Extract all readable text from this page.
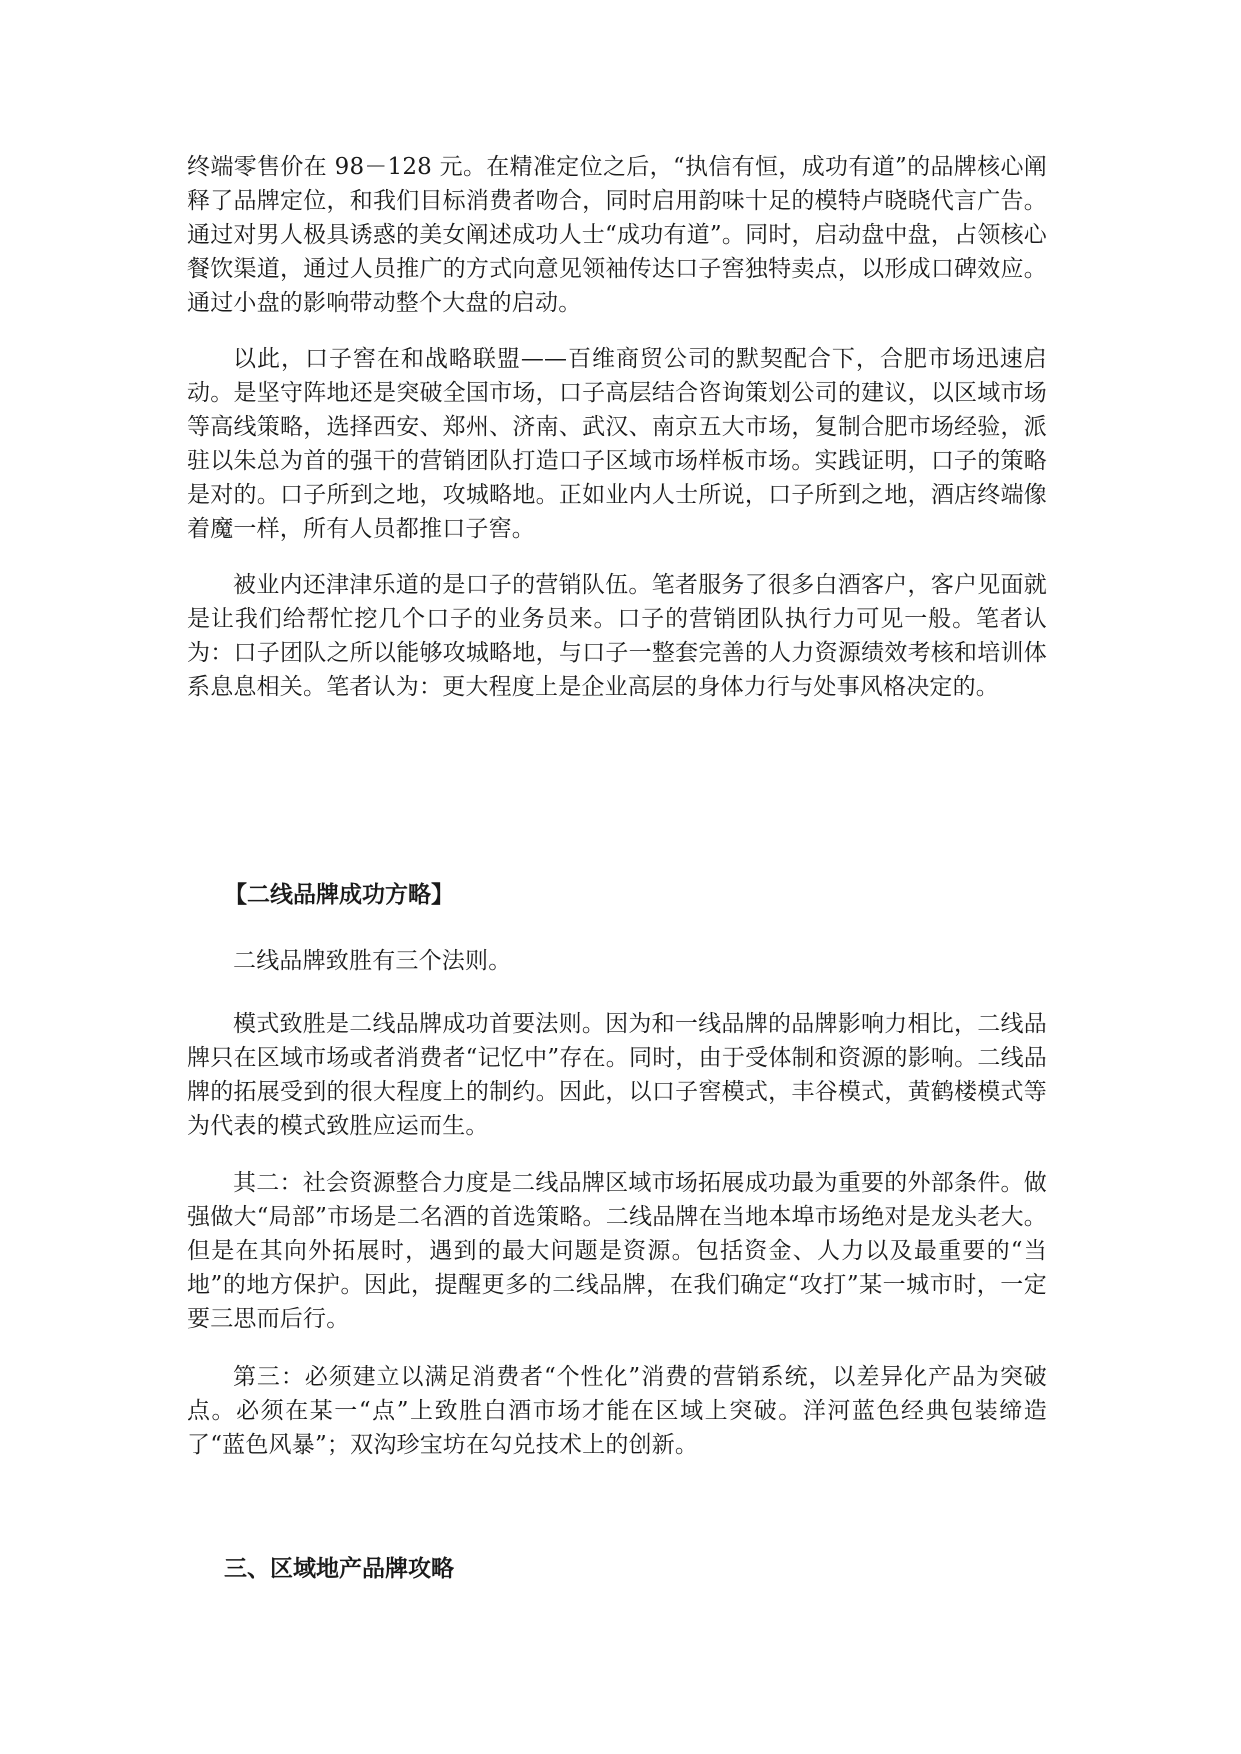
终端零售价在 98－128 元。在精准定位之后，“执信有恒，成功有道”的品牌核心阐释了品牌定位，和我们目标消费者吻合，同时启用韵味十足的模特卢晓晓代言广告。通过对男人极具诱惑的美女阐述成功人士“成功有道”。同时，启动盘中盘，占领核心餐饮渠道，通过人员推广的方式向意见领袖传达口子窖独特卖点，以形成口碑效应。通过小盘的影响带动整个大盘的启动。

以此，口子窖在和战略联盟——百维商贸公司的默契配合下，合肥市场迅速启动。是坚守阵地还是突破全国市场，口子高层结合咨询策划公司的建议，以区域市场等高线策略，选择西安、郑州、济南、武汉、南京五大市场，复制合肥市场经验，派驻以朱总为首的强干的营销团队打造口子区域市场样板市场。实践证明，口子的策略是对的。口子所到之地，攻城略地。正如业内人士所说，口子所到之地，酒店终端像着魔一样，所有人员都推口子窖。

被业内还津津乐道的是口子的营销队伍。笔者服务了很多白酒客户，客户见面就是让我们给帮忙挖几个口子的业务员来。口子的营销团队执行力可见一般。笔者认为：口子团队之所以能够攻城略地，与口子一整套完善的人力资源绩效考核和培训体系息息相关。笔者认为：更大程度上是企业高层的身体力行与处事风格决定的。

【二线品牌成功方略】

二线品牌致胜有三个法则。

模式致胜是二线品牌成功首要法则。因为和一线品牌的品牌影响力相比，二线品牌只在区域市场或者消费者“记忆中”存在。同时，由于受体制和资源的影响。二线品牌的拓展受到的很大程度上的制约。因此，以口子窖模式，丰谷模式，黄鹤楼模式等为代表的模式致胜应运而生。

其二：社会资源整合力度是二线品牌区域市场拓展成功最为重要的外部条件。做强做大“局部”市场是二名酒的首选策略。二线品牌在当地本埠市场绝对是龙头老大。但是在其向外拓展时，遇到的最大问题是资源。包括资金、人力以及最重要的“当地”的地方保护。因此，提醒更多的二线品牌，在我们确定“攻打”某一城市时，一定要三思而后行。

第三：必须建立以满足消费者“个性化”消费的营销系统，以差异化产品为突破点。必须在某一“点”上致胜白酒市场才能在区域上突破。洋河蓝色经典包装缔造了“蓝色风暴”；双沟珍宝坊在勾兑技术上的创新。

三、区域地产品牌攻略
